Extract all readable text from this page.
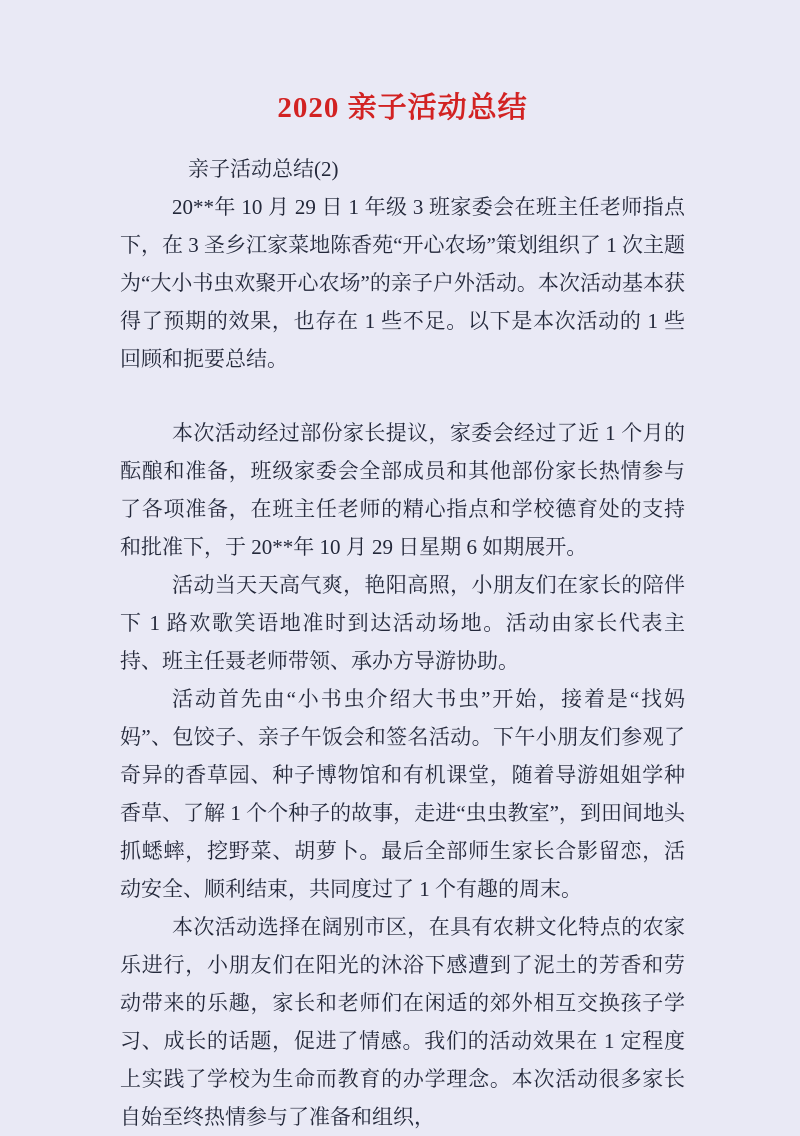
2020 亲子活动总结

亲子活动总结(2)

20**年 10 月 29 日 1 年级 3 班家委会在班主任老师指点下，在 3 圣乡江家菜地陈香苑“开心农场”策划组织了 1 次主题为“大小书虫欢聚开心农场”的亲子户外活动。本次活动基本获得了预期的效果，也存在 1 些不足。以下是本次活动的 1 些回顾和扼要总结。

本次活动经过部份家长提议，家委会经过了近 1 个月的酝酿和准备，班级家委会全部成员和其他部份家长热情参与了各项准备，在班主任老师的精心指点和学校德育处的支持和批准下，于 20**年 10 月 29 日星期 6 如期展开。

活动当天天高气爽，艳阳高照，小朋友们在家长的陪伴下 1 路欢歌笑语地准时到达活动场地。活动由家长代表主持、班主任聂老师带领、承办方导游协助。

活动首先由“小书虫介绍大书虫”开始，接着是“找妈妈”、包饺子、亲子午饭会和签名活动。下午小朋友们参观了奇异的香草园、种子博物馆和有机课堂，随着导游姐姐学种香草、了解 1 个个种子的故事，走进“虫虫教室”，到田间地头抓蟋蟀，挖野菜、胡萝卜。最后全部师生家长合影留恋，活动安全、顺利结束，共同度过了 1 个有趣的周末。

本次活动选择在阔别市区，在具有农耕文化特点的农家乐进行，小朋友们在阳光的沐浴下感遭到了泥土的芳香和劳动带来的乐趣，家长和老师们在闲适的郊外相互交换孩子学习、成长的话题，促进了情感。我们的活动效果在 1 定程度上实践了学校为生命而教育的办学理念。本次活动很多家长自始至终热情参与了准备和组织，
